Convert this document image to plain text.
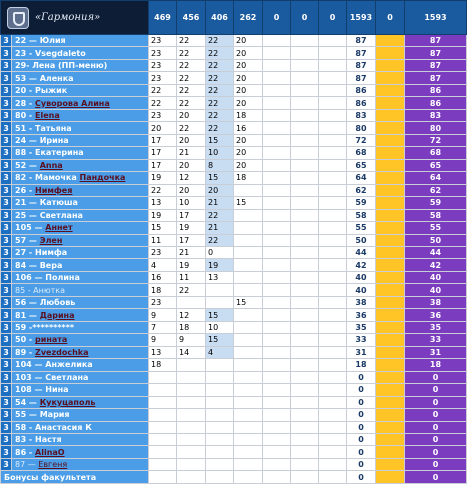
«Гармония»		469	456	406	262	0	0	0	1593	0	1593
3	22 — Юлия	23	22	22	20				87		87
3	23 - Vsegdaleto	23	22	22	20				87		87
3	29- Лена (ПП-меню)	23	22	22	20				87		87
3	53 — Аленка	23	22	22	20				87		87
3	20 - Рыжик	22	22	22	20				86		86
3	28 - Суворова Алина	22	22	22	20				86		86
3	80 - Elena	23	20	22	18				83		83
3	51 - Татьяна	20	22	22	16				80		80
3	24 — Ирина	17	20	15	20				72		72
3	88 - Екатерина	17	21	10	20				68		68
3	52 — Anna	17	20	8	20				65		65
3	82 - Мамочка Пандочка	19	12	15	18				64		64
3	26 - Нимфея	22	20	20					62		62
3	21 — Катюша	13	10	21	15				59		59
3	25 — Светлана	19	17	22					58		58
3	105 — Аннет	15	19	21					55		55
3	57 — Элен	11	17	22					50		50
3	27 - Нимфа	23	21	0					44		44
3	84 — Вера	4	19	19					42		42
3	106 — Полина	16	11	13					40		40
3	85 - Анютка	18	22						40		40
3	56 — Любовь	23			15				38		38
3	81 — Дарина	9	12	15					36		36
3	59 -**********	7	18	10					35		35
3	50 - рината	9	9	15					33		33
3	89 - Zvezdochka	13	14	4					31		31
3	104 — Анжелика	18							18		18
3	103 — Светлана								0		0
3	108 — Нина								0		0
3	54 — Кукуцаполь								0		0
3	55 — Мария								0		0
3	58 - Анастасия К								0		0
3	83 - Настя								0		0
3	86 - AlinaO								0		0
3	87 — Евгеня								0		0
Бонусы факультета									0		0
